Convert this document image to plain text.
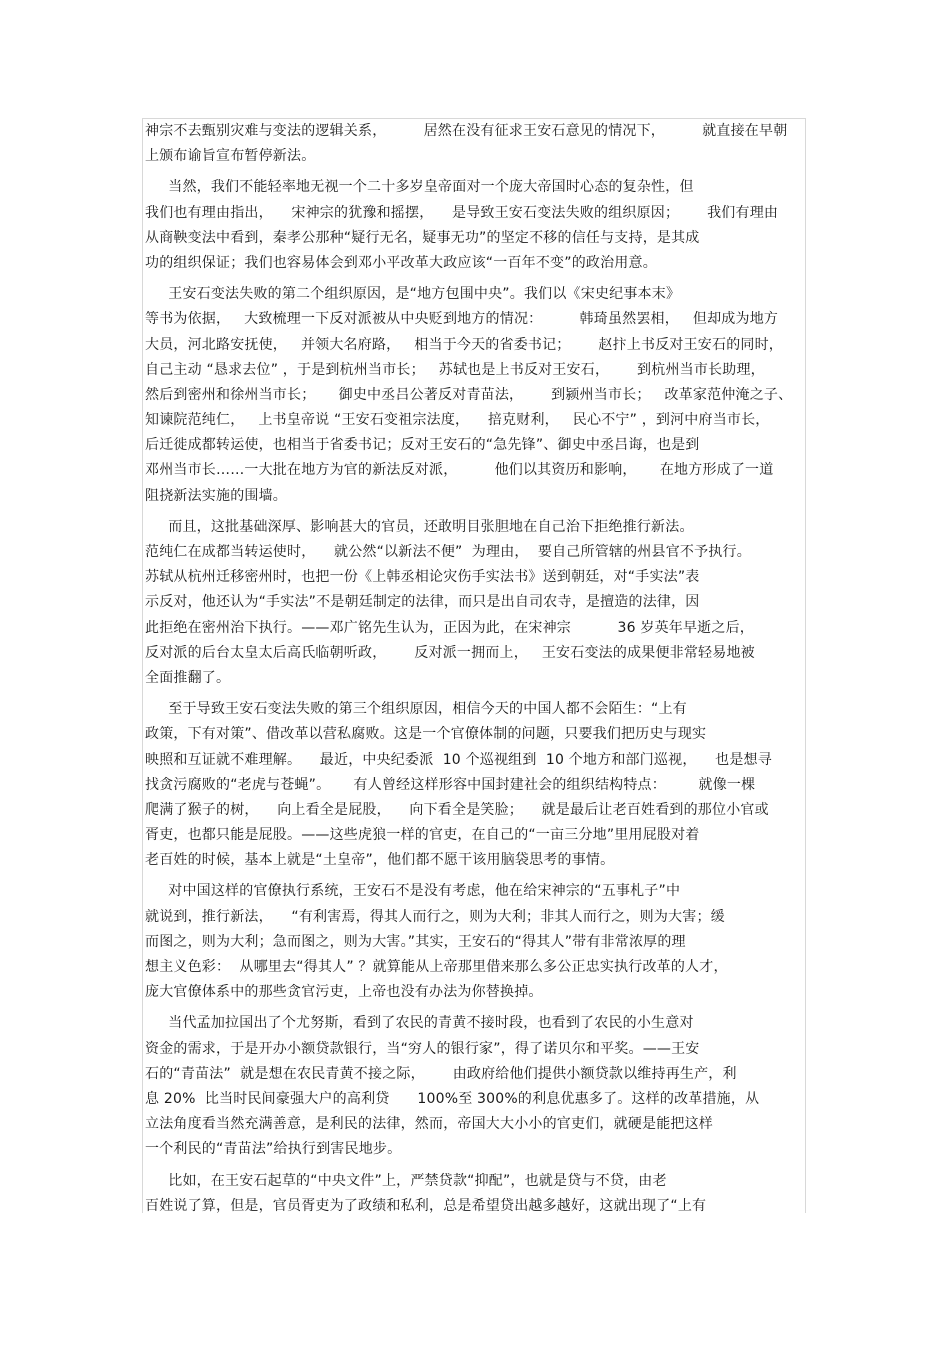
神宗不去甄别灾难与变法的逻辑关系，        居然在没有征求王安石意见的情况下，        就直接在早朝
上颁布谕旨宣布暂停新法。
当然，我们不能轻率地无视一个二十多岁皇帝面对一个庞大帝国时心态的复杂性，但
我们也有理由指出，    宋神宗的犹豫和摇摆，    是导致王安石变法失败的组织原因；      我们有理由
从商鞅变法中看到，秦孝公那种“疑行无名，疑事无功”的坚定不移的信任与支持，是其成
功的组织保证；我们也容易体会到邓小平改革大政应该“一百年不变”的政治用意。
王安石变法失败的第二个组织原因，是“地方包围中央”。我们以《宋史纪事本末》
等书为依据，   大致梳理一下反对派被从中央贬到地方的情况：        韩琦虽然罢相，   但却成为地方
大员，河北路安抚使，   并领大名府路，   相当于今天的省委书记；      赵抃上书反对王安石的同时，
自己主动 “恳求去位” ，于是到杭州当市长；   苏轼也是上书反对王安石，      到杭州当市长助理，
然后到密州和徐州当市长；     御史中丞吕公著反对青苗法，      到颍州当市长；   改革家范仲淹之子、
知谏院范纯仁，   上书皇帝说 “王安石变祖宗法度，    掊克财利，   民心不宁” ，到河中府当市长，
后迁徙成都转运使，也相当于省委书记；反对王安石的“急先锋”、御史中丞吕诲，也是到
邓州当市长……一大批在地方为官的新法反对派，        他们以其资历和影响，     在地方形成了一道
阻挠新法实施的围墙。
而且，这批基础深厚、影响甚大的官员，还敢明目张胆地在自己治下拒绝推行新法。
范纯仁在成都当转运使时，    就公然“以新法不便”  为理由，  要自己所管辖的州县官不予执行。
苏轼从杭州迁移密州时，也把一份《上韩丞相论灾伤手实法书》送到朝廷，对“手实法”表
示反对，他还认为“手实法”不是朝廷制定的法律，而只是出自司农寺，是擅造的法律，因
此拒绝在密州治下执行。——邓广铭先生认为，正因为此，在宋神宗          36 岁英年早逝之后，
反对派的后台太皇太后高氏临朝听政，      反对派一拥而上，   王安石变法的成果便非常轻易地被
全面推翻了。
至于导致王安石变法失败的第三个组织原因，相信今天的中国人都不会陌生：“上有
政策，下有对策”、借改革以营私腐败。这是一个官僚体制的问题，只要我们把历史与现实
映照和互证就不难理解。    最近，中央纪委派  10 个巡视组到  10 个地方和部门巡视，    也是想寻
找贪污腐败的“老虎与苍蝇”。     有人曾经这样形容中国封建社会的组织结构特点：       就像一棵
爬满了猴子的树，    向上看全是屁股，    向下看全是笑脸；    就是最后让老百姓看到的那位小官或
胥吏，也都只能是屁股。——这些虎狼一样的官吏，在自己的“一亩三分地”里用屁股对着
老百姓的时候，基本上就是“土皇帝”，他们都不愿干该用脑袋思考的事情。
对中国这样的官僚执行系统，王安石不是没有考虑，他在给宋神宗的“五事札子”中
就说到，推行新法，    “有利害焉，得其人而行之，则为大利；非其人而行之，则为大害；缓
而图之，则为大利；急而图之，则为大害。”其实，王安石的“得其人”带有非常浓厚的理
想主义色彩：  从哪里去“得其人” ？就算能从上帝那里借来那么多公正忠实执行改革的人才，
庞大官僚体系中的那些贪官污吏，上帝也没有办法为你替换掉。
当代孟加拉国出了个尤努斯，看到了农民的青黄不接时段，也看到了农民的小生意对
资金的需求，于是开办小额贷款银行，当“穷人的银行家”，得了诺贝尔和平奖。——王安
石的“青苗法”  就是想在农民青黄不接之际，      由政府给他们提供小额贷款以维持再生产，利
息 20%  比当时民间豪强大户的高利贷      100%至 300%的利息优惠多了。这样的改革措施，从
立法角度看当然充满善意，是利民的法律，然而，帝国大大小小的官吏们，就硬是能把这样
一个利民的“青苗法”给执行到害民地步。
比如，在王安石起草的“中央文件”上，严禁贷款“抑配”，也就是贷与不贷，由老
百姓说了算，但是，官员胥吏为了政绩和私利，总是希望贷出越多越好，这就出现了“上有
